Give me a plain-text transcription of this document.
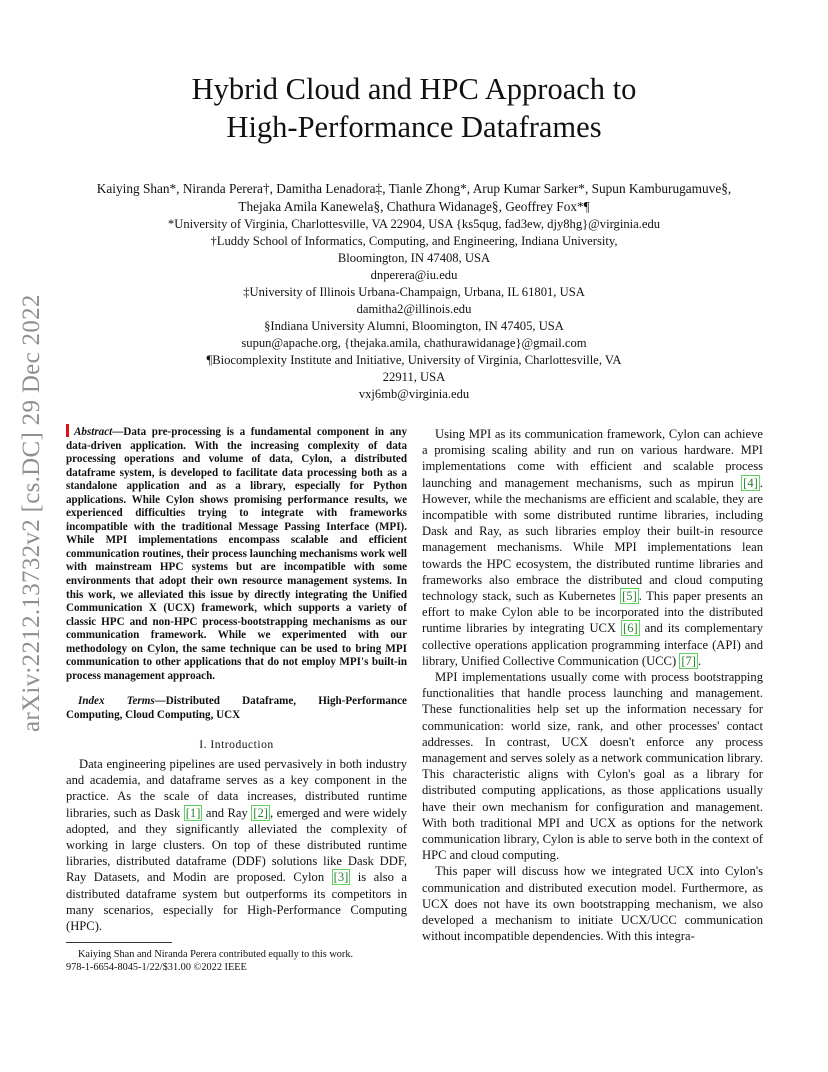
arXiv:2212.13732v2 [cs.DC] 29 Dec 2022
Hybrid Cloud and HPC Approach to
High-Performance Dataframes
Kaiying Shan*, Niranda Perera†, Damitha Lenadora‡, Tianle Zhong*, Arup Kumar Sarker*, Supun Kamburugamuve§,
Thejaka Amila Kanewela§, Chathura Widanage§, Geoffrey Fox*¶
*University of Virginia, Charlottesville, VA 22904, USA {ks5qug, fad3ew, djy8hg}@virginia.edu
†Luddy School of Informatics, Computing, and Engineering, Indiana University,
Bloomington, IN 47408, USA
dnperera@iu.edu
‡University of Illinois Urbana-Champaign, Urbana, IL 61801, USA
damitha2@illinois.edu
§Indiana University Alumni, Bloomington, IN 47405, USA
supun@apache.org, {thejaka.amila, chathurawidanage}@gmail.com
¶Biocomplexity Institute and Initiative, University of Virginia, Charlottesville, VA
22911, USA
vxj6mb@virginia.edu
Abstract—Data pre-processing is a fundamental component in any data-driven application. With the increasing complexity of data processing operations and volume of data, Cylon, a distributed dataframe system, is developed to facilitate data processing both as a standalone application and as a library, especially for Python applications. While Cylon shows promising performance results, we experienced difficulties trying to integrate with frameworks incompatible with the traditional Message Passing Interface (MPI). While MPI implementations encompass scalable and efficient communication routines, their process launching mechanisms work well with mainstream HPC systems but are incompatible with some environments that adopt their own resource management systems. In this work, we alleviated this issue by directly integrating the Unified Communication X (UCX) framework, which supports a variety of classic HPC and non-HPC process-bootstrapping mechanisms as our communication framework. While we experimented with our methodology on Cylon, the same technique can be used to bring MPI communication to other applications that do not employ MPI's built-in process management approach.
Index Terms—Distributed Dataframe, High-Performance Computing, Cloud Computing, UCX
I. Introduction

Data engineering pipelines are used pervasively in both industry and academia, and dataframe serves as a key component in the practice. As the scale of data increases, distributed runtime libraries, such as Dask [1] and Ray [2] , emerged and were widely adopted, and they significantly alleviated the complexity of working in large clusters. On top of these distributed runtime libraries, distributed dataframe (DDF) solutions like Dask DDF, Ray Datasets, and Modin are proposed. Cylon [3] is also a distributed dataframe system but outperforms its competitors in many scenarios, especially for High-Performance Computing (HPC).

Kaiying Shan and Niranda Perera contributed equally to this work.
978-1-6654-8045-1/22/$31.00 ©2022 IEEE

Using MPI as its communication framework, Cylon can achieve a promising scaling ability and run on various hardware. MPI implementations come with efficient and scalable process launching and management mechanisms, such as mpirun [4] . However, while the mechanisms are efficient and scalable, they are incompatible with some distributed runtime libraries, including Dask and Ray, as such libraries employ their built-in resource management mechanisms. While MPI implementations lean towards the HPC ecosystem, the distributed runtime libraries and frameworks also embrace the distributed and cloud computing technology stack, such as Kubernetes [5] . This paper presents an effort to make Cylon able to be incorporated into the distributed runtime libraries by integrating UCX [6] and its complementary collective operations application programming interface (API) and library, Unified Collective Communication (UCC) [7] .

MPI implementations usually come with process bootstrapping functionalities that handle process launching and management. These functionalities help set up the information necessary for communication: world size, rank, and other processes' contact addresses. In contrast, UCX doesn't enforce any process management and serves solely as a network communication library. This characteristic aligns with Cylon's goal as a library for distributed computing applications, as those applications usually have their own mechanism for configuration and management. With both traditional MPI and UCX as options for the network communication library, Cylon is able to serve both in the context of HPC and cloud computing.

This paper will discuss how we integrated UCX into Cylon's communication and distributed execution model. Furthermore, as UCX does not have its own bootstrapping mechanism, we also developed a mechanism to initiate UCX/UCC communication without incompatible dependencies. With this integra-
